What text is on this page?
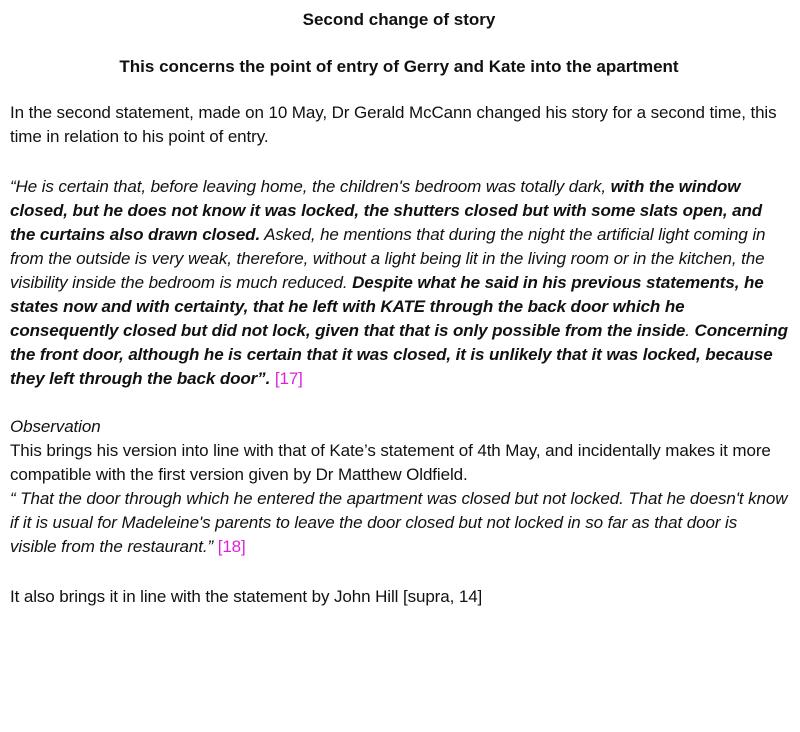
Second change of story
This concerns the point of entry of Gerry and Kate into the apartment

In the second statement, made on 10 May, Dr Gerald McCann changed his story for a second time, this time in relation to his point of entry.

“He is certain that, before leaving home, the children's bedroom was totally dark, with the window closed, but he does not know it was locked, the shutters closed but with some slats open, and the curtains also drawn closed. Asked, he mentions that during the night the artificial light coming in from the outside is very weak, therefore, without a light being lit in the living room or in the kitchen, the visibility inside the bedroom is much reduced. Despite what he said in his previous statements, he states now and with certainty, that he left with KATE through the back door which he consequently closed but did not lock, given that that is only possible from the inside. Concerning the front door, although he is certain that it was closed, it is unlikely that it was locked, because they left through the back door”. [17]

Observation

This brings his version into line with that of Kate’s statement of 4th May, and incidentally makes it more compatible with the first version given by Dr Matthew Oldfield.

“ That the door through which he entered the apartment was closed but not locked. That he doesn't know if it is usual for Madeleine's parents to leave the door closed but not locked in so far as that door is visible from the restaurant.” [18]

It also brings it in line with the statement by John Hill [supra, 14]
